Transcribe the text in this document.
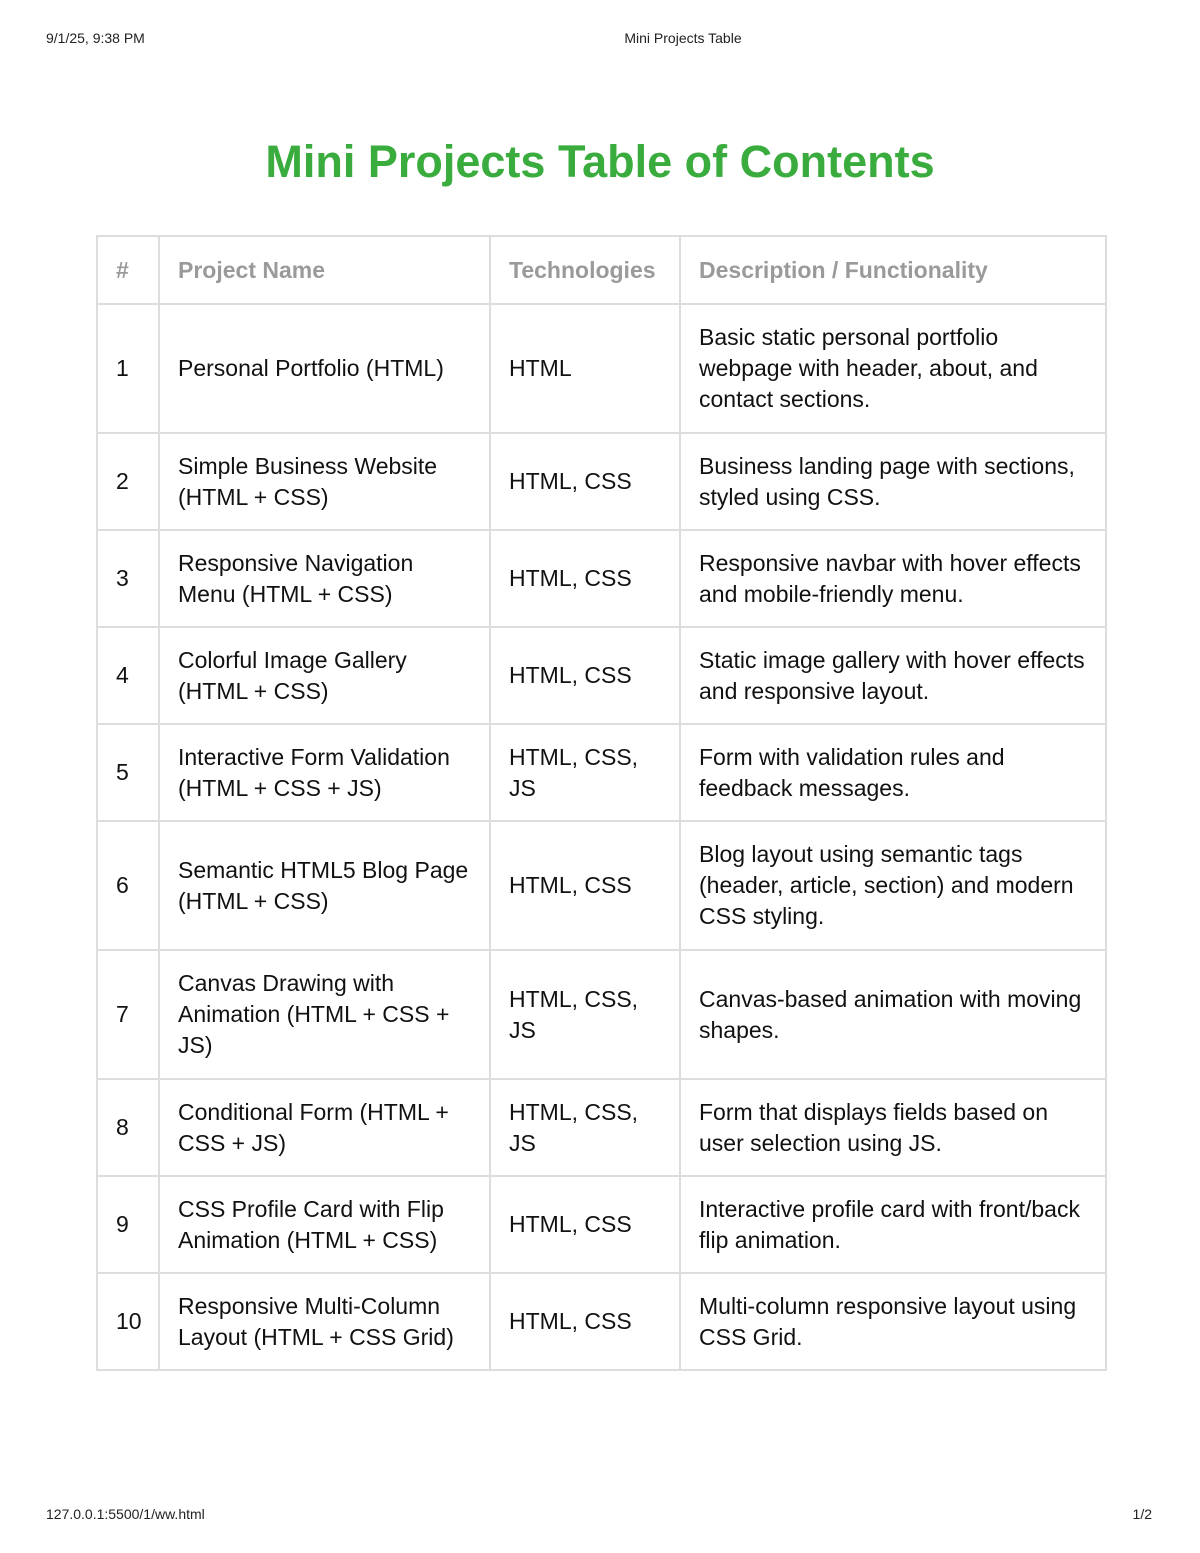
9/1/25, 9:38 PM	Mini Projects Table
Mini Projects Table of Contents
#	Project Name	Technologies	Description / Functionality
1	Personal Portfolio (HTML)	HTML	Basic static personal portfolio webpage with header, about, and contact sections.
2	Simple Business Website (HTML + CSS)	HTML, CSS	Business landing page with sections, styled using CSS.
3	Responsive Navigation Menu (HTML + CSS)	HTML, CSS	Responsive navbar with hover effects and mobile-friendly menu.
4	Colorful Image Gallery (HTML + CSS)	HTML, CSS	Static image gallery with hover effects and responsive layout.
5	Interactive Form Validation (HTML + CSS + JS)	HTML, CSS, JS	Form with validation rules and feedback messages.
6	Semantic HTML5 Blog Page (HTML + CSS)	HTML, CSS	Blog layout using semantic tags (header, article, section) and modern CSS styling.
7	Canvas Drawing with Animation (HTML + CSS + JS)	HTML, CSS, JS	Canvas-based animation with moving shapes.
8	Conditional Form (HTML + CSS + JS)	HTML, CSS, JS	Form that displays fields based on user selection using JS.
9	CSS Profile Card with Flip Animation (HTML + CSS)	HTML, CSS	Interactive profile card with front/back flip animation.
10	Responsive Multi-Column Layout (HTML + CSS Grid)	HTML, CSS	Multi-column responsive layout using CSS Grid.
127.0.0.1:5500/1/ww.html	1/2
